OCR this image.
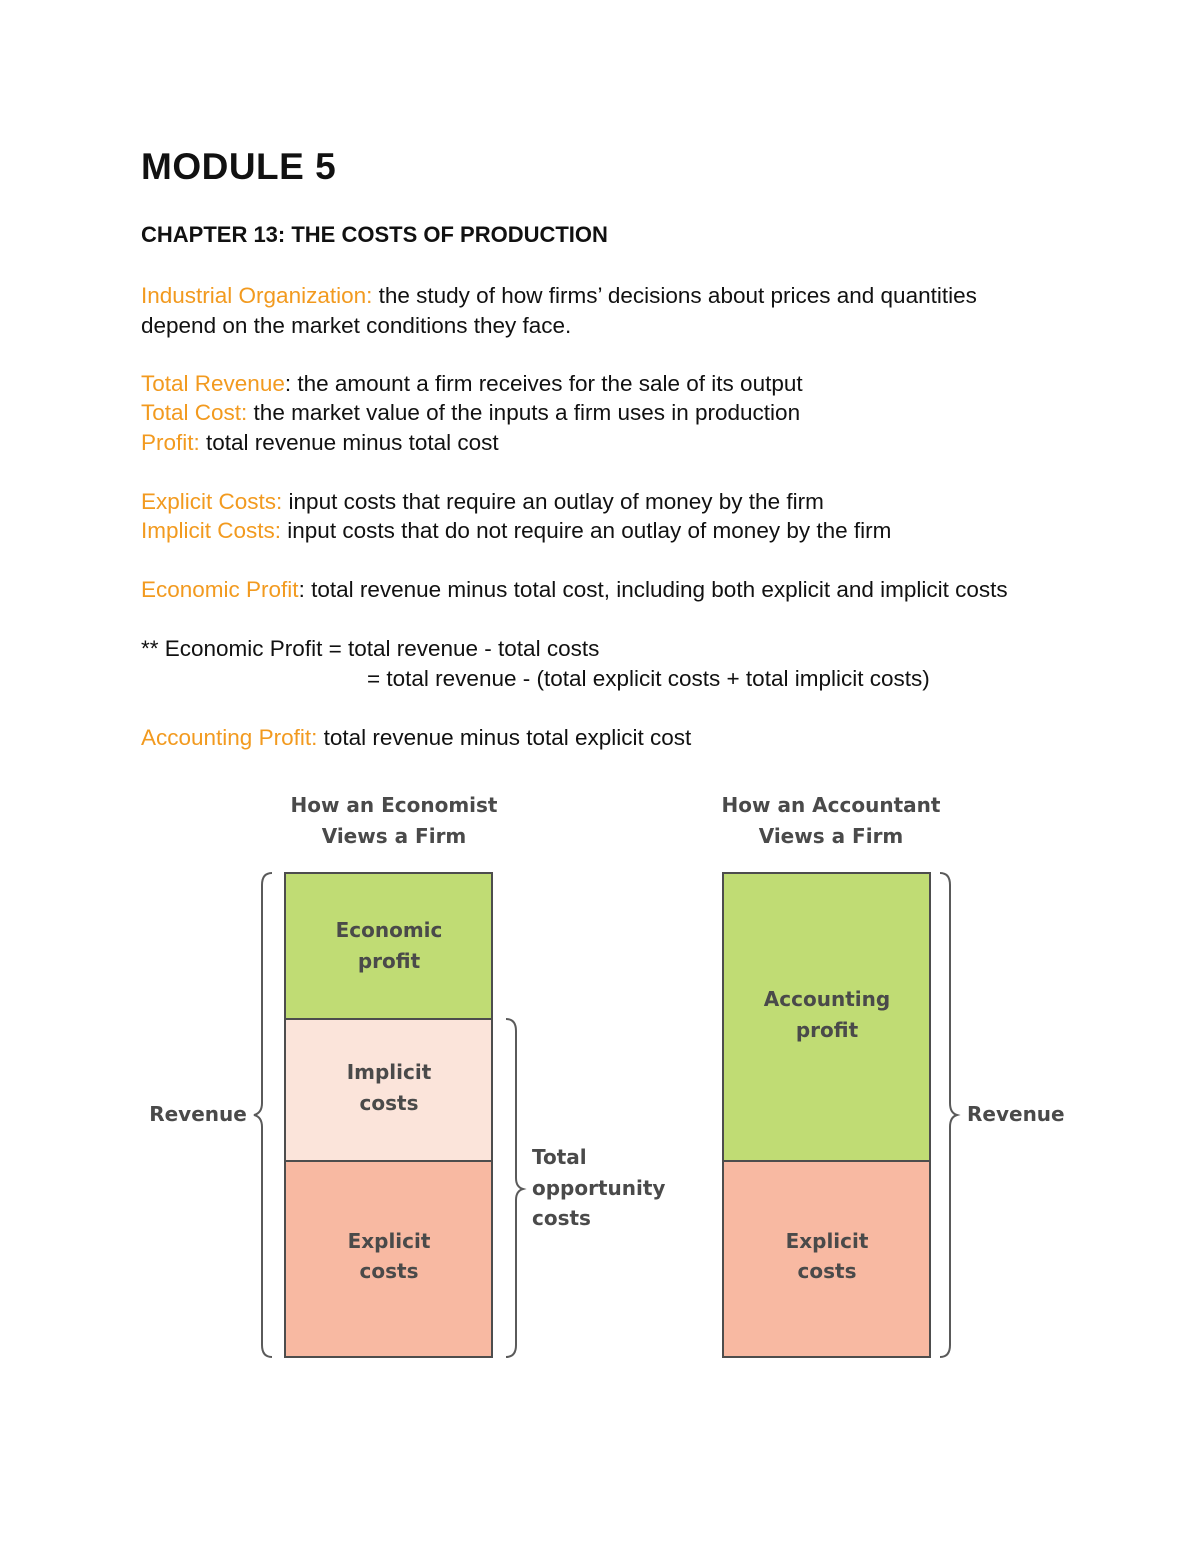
MODULE 5
CHAPTER 13: THE COSTS OF PRODUCTION
Industrial Organization: the study of how firms’ decisions about prices and quantities depend on the market conditions they face.
Total Revenue: the amount a firm receives for the sale of its output
Total Cost: the market value of the inputs a firm uses in production
Profit: total revenue minus total cost
Explicit Costs: input costs that require an outlay of money by the firm
Implicit Costs: input costs that do not require an outlay of money by the firm
Economic Profit: total revenue minus total cost, including both explicit and implicit costs
** Economic Profit = total revenue - total costs
= total revenue - (total explicit costs + total implicit costs)
Accounting Profit: total revenue minus total explicit cost
How an Economist
Views a Firm
How an Accountant
Views a Firm
Economic
profit
Implicit
costs
Explicit
costs
Revenue
Total
opportunity
costs
Accounting
profit
Explicit
costs
Revenue
